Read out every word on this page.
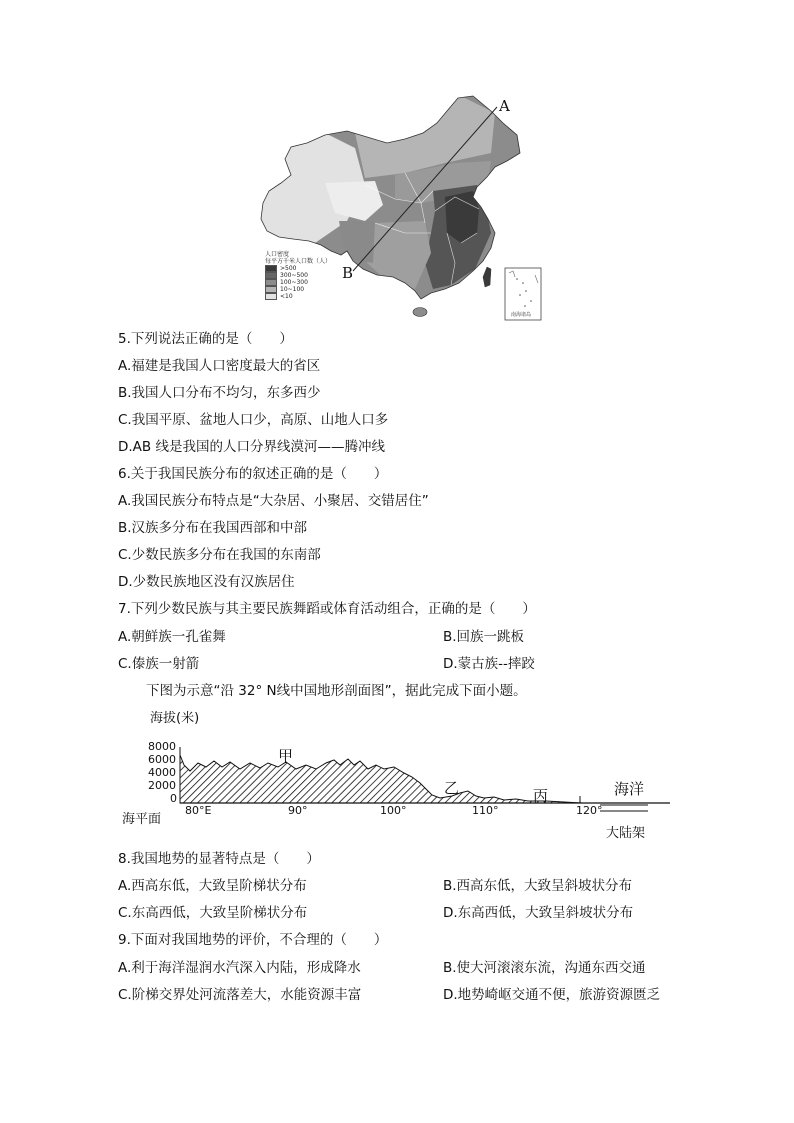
A
B
人口密度
每平方千米人口数（人）
>500
300~500
100~300
10~100
<10
南海诸岛
5.下列说法正确的是（　　）
A.福建是我国人口密度最大的省区
B.我国人口分布不均匀，东多西少
C.我国平原、盆地人口少，高原、山地人口多
D.AB 线是我国的人口分界线漠河——腾冲线
6.关于我国民族分布的叙述正确的是（　　）
A.我国民族分布特点是“大杂居、小聚居、交错居住”
B.汉族多分布在我国西部和中部
C.少数民族多分布在我国的东南部
D.少数民族地区没有汉族居住
7.下列少数民族与其主要民族舞蹈或体育活动组合，正确的是（　　）
A.朝鲜族一孔雀舞	B.回族一跳板
C.傣族一射箭	D.蒙古族--摔跤
下图为示意“沿 32° N线中国地形剖面图”，据此完成下面小题。
海拔(米)
8000
6000
4000
2000
0
甲
乙	丙	海洋
80°E	90°	100°	110°	120°
海平面
大陆架
8.我国地势的显著特点是（　　）
A.西高东低，大致呈阶梯状分布	B.西高东低，大致呈斜坡状分布
C.东高西低，大致呈阶梯状分布	D.东高西低，大致呈斜坡状分布
9.下面对我国地势的评价，不合理的（　　）
A.利于海洋湿润水汽深入内陆，形成降水	B.使大河滚滚东流，沟通东西交通
C.阶梯交界处河流落差大，水能资源丰富	D.地势崎岖交通不便，旅游资源匮乏
